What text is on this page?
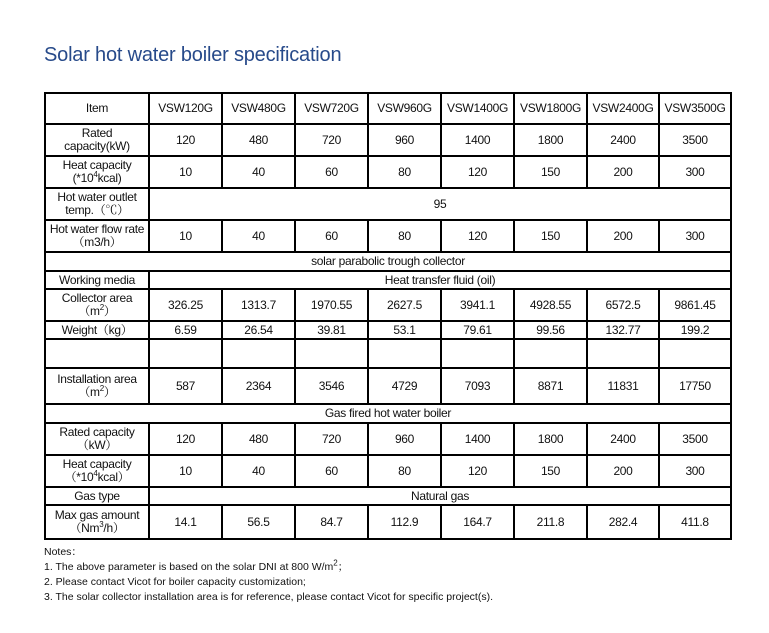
Solar hot water boiler specification
Item	VSW120G	VSW480G	VSW720G	VSW960G	VSW1400G	VSW1800G	VSW2400G	VSW3500G
Rated
capacity(kW)	120	480	720	960	1400	1800	2400	3500
Heat capacity
$(*10^4kcal)$	10	40	60	80	120	150	200	300
Hot water outlet
temp.（℃）	95							
Hot water flow rate
（m3/h）	10	40	60	80	120	150	200	300
solar parabolic trough collector								
Working media	Heat transfer fluid (oil)							
Collector area
$(m^2)$	326.25	1313.7	1970.55	2627.5	3941.1	4928.55	6572.5	9861.45
Weight（kg）	6.59	26.54	39.81	53.1	79.61	99.56	132.77	199.2

Installation area
$(m^2)$	587	2364	3546	4729	7093	8871	11831	17750
Gas fired hot water boiler								
Rated capacity
（kW）	120	480	720	960	1400	1800	2400	3500
Heat capacity
$(*10^4kcal)$	10	40	60	80	120	150	200	300
Gas type	Natural gas							
Max gas amount
（Nm$^3$/h）	14.1	56.5	84.7	112.9	164.7	211.8	282.4	411.8
Notes：
1. The above parameter is based on the solar DNI at 800 $W/m^2$；
2. Please contact Vicot for boiler capacity customization;
3. The solar collector installation area is for reference, please contact Vicot for specific project(s).
